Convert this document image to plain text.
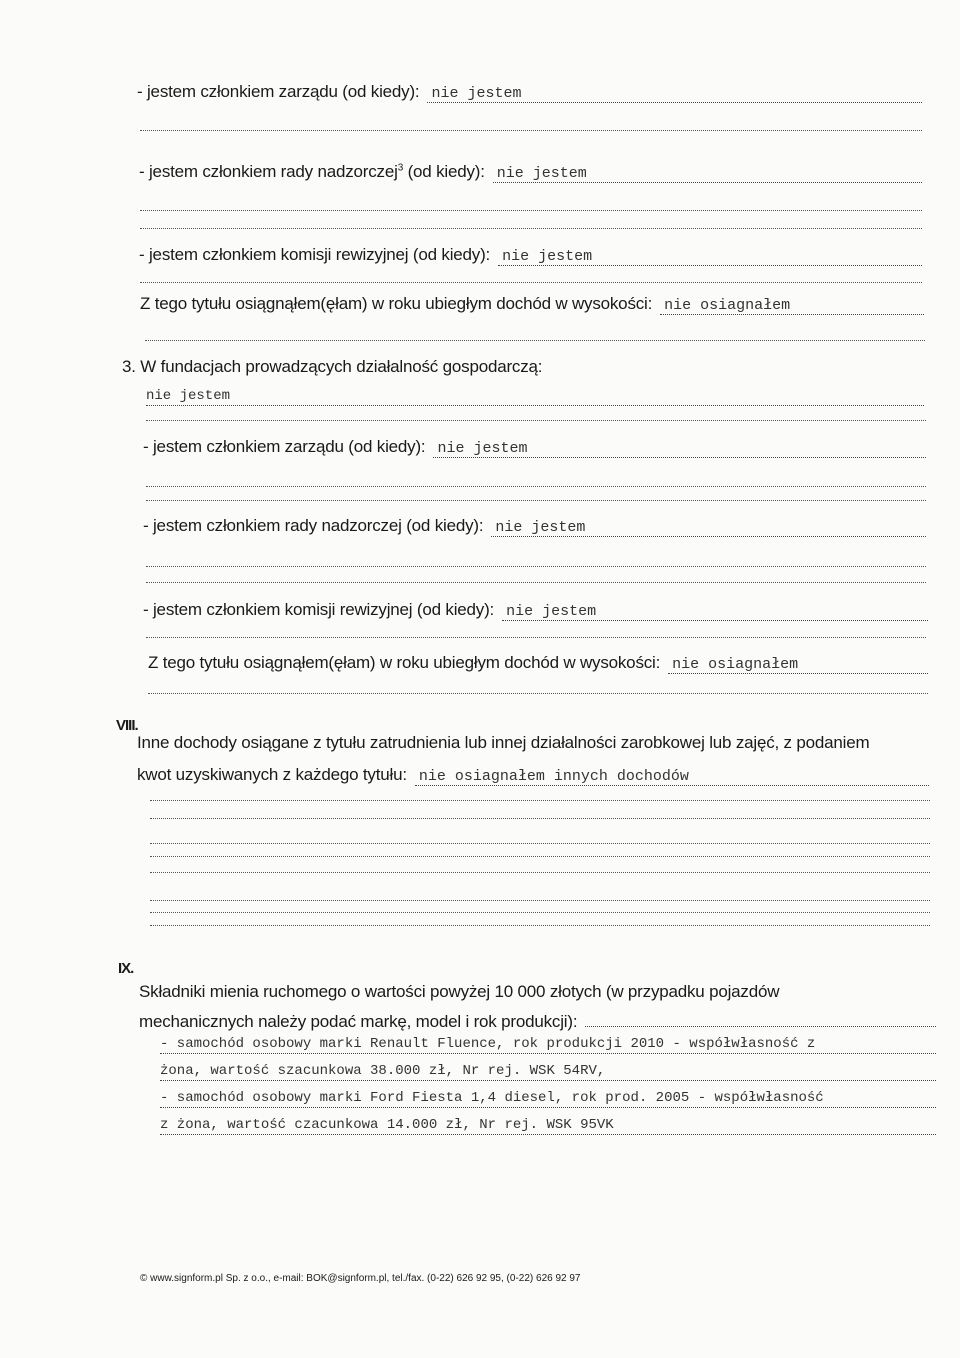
- jestem członkiem zarządu (od kiedy): nie jestem
- jestem członkiem rady nadzorczej$^3$ (od kiedy): nie jestem
- jestem członkiem komisji rewizyjnej (od kiedy): nie jestem
Z tego tytułu osiągnąłem(ęłam) w roku ubiegłym dochód w wysokości: nie osiagnałem
3. W fundacjach prowadzących działalność gospodarczą:
nie jestem
- jestem członkiem zarządu (od kiedy): nie jestem
- jestem członkiem rady nadzorczej (od kiedy): nie jestem
- jestem członkiem komisji rewizyjnej (od kiedy): nie jestem
Z tego tytułu osiągnąłem(ęłam) w roku ubiegłym dochód w wysokości: nie osiagnałem
VIII.
Inne dochody osiągane z tytułu zatrudnienia lub innej działalności zarobkowej lub zajęć, z podaniem
kwot uzyskiwanych z każdego tytułu: nie osiagnałem innych dochodów
IX.
Składniki mienia ruchomego o wartości powyżej 10 000 złotych (w przypadku pojazdów
mechanicznych należy podać markę, model i rok produkcji):
- samochód osobowy marki Renault Fluence, rok produkcji 2010 - współwłasność z
żona, wartość szacunkowa 38.000 zł, Nr rej. WSK 54RV,
- samochód osobowy marki Ford Fiesta 1,4 diesel, rok prod. 2005 - współwłasność
z żona, wartość czacunkowa 14.000 zł, Nr rej. WSK 95VK
© www.signform.pl Sp. z o.o., e-mail: BOK@signform.pl, tel./fax. (0-22) 626 92 95, (0-22) 626 92 97
